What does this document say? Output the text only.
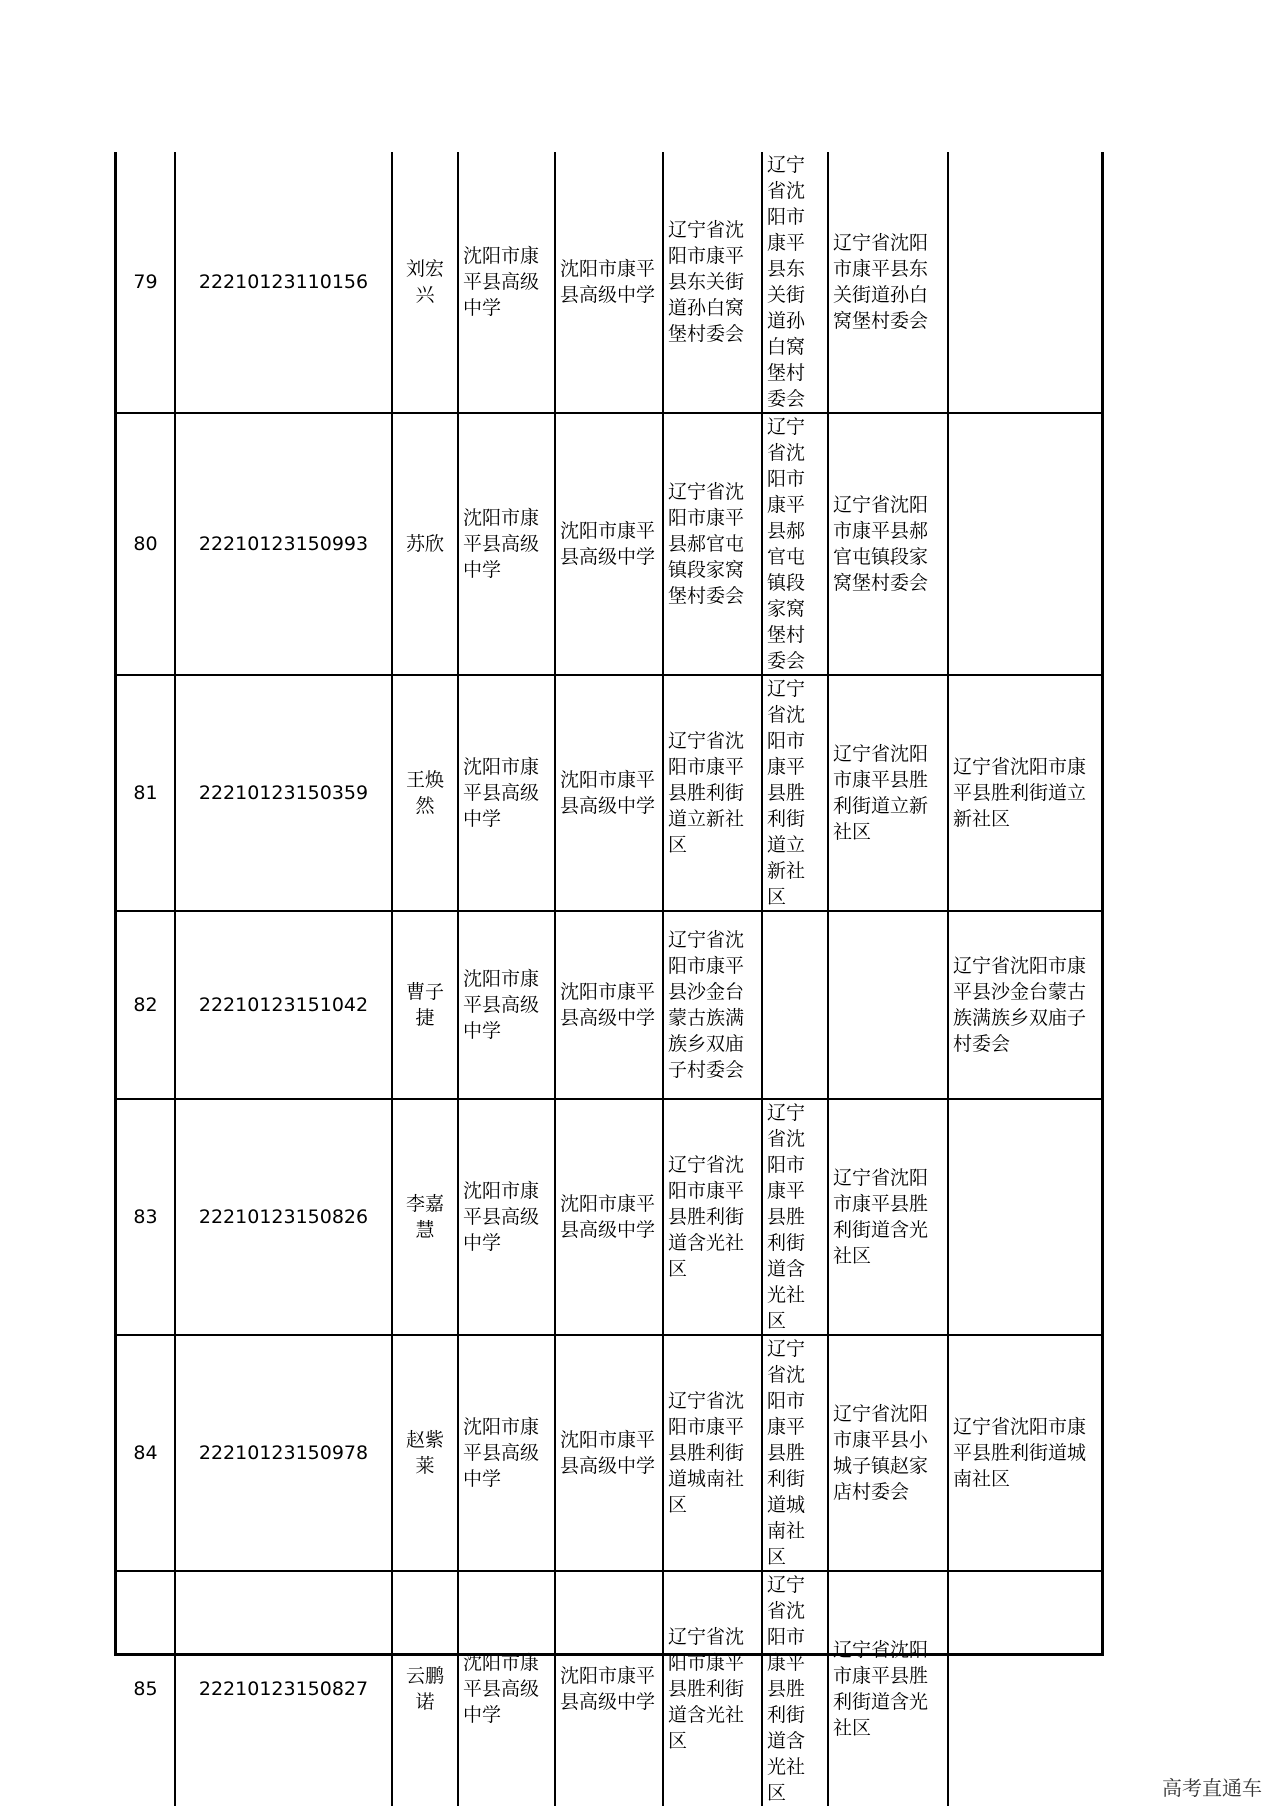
79	22210123110156	刘宏兴	沈阳市康平县高级中学	沈阳市康平县高级中学	辽宁省沈阳市康平县东关街道孙白窝堡村委会	辽宁省沈阳市康平县东关街道孙白窝堡村委会	辽宁省沈阳市康平县东关街道孙白窝堡村委会	
80	22210123150993	苏欣	沈阳市康平县高级中学	沈阳市康平县高级中学	辽宁省沈阳市康平县郝官屯镇段家窝堡村委会	辽宁省沈阳市康平县郝官屯镇段家窝堡村委会	辽宁省沈阳市康平县郝官屯镇段家窝堡村委会	
81	22210123150359	王焕然	沈阳市康平县高级中学	沈阳市康平县高级中学	辽宁省沈阳市康平县胜利街道立新社区	辽宁省沈阳市康平县胜利街道立新社区	辽宁省沈阳市康平县胜利街道立新社区	辽宁省沈阳市康平县胜利街道立新社区
82	22210123151042	曹子捷	沈阳市康平县高级中学	沈阳市康平县高级中学	辽宁省沈阳市康平县沙金台蒙古族满族乡双庙子村委会			辽宁省沈阳市康平县沙金台蒙古族满族乡双庙子村委会
83	22210123150826	李嘉慧	沈阳市康平县高级中学	沈阳市康平县高级中学	辽宁省沈阳市康平县胜利街道含光社区	辽宁省沈阳市康平县胜利街道含光社区	辽宁省沈阳市康平县胜利街道含光社区	
84	22210123150978	赵紫莱	沈阳市康平县高级中学	沈阳市康平县高级中学	辽宁省沈阳市康平县胜利街道城南社区	辽宁省沈阳市康平县胜利街道城南社区	辽宁省沈阳市康平县小城子镇赵家店村委会	辽宁省沈阳市康平县胜利街道城南社区
85	22210123150827	云鹏诺	沈阳市康平县高级中学	沈阳市康平县高级中学	辽宁省沈阳市康平县胜利街道含光社区	辽宁省沈阳市康平县胜利街道含光社区	辽宁省沈阳市康平县胜利街道含光社区	
高考直通车
